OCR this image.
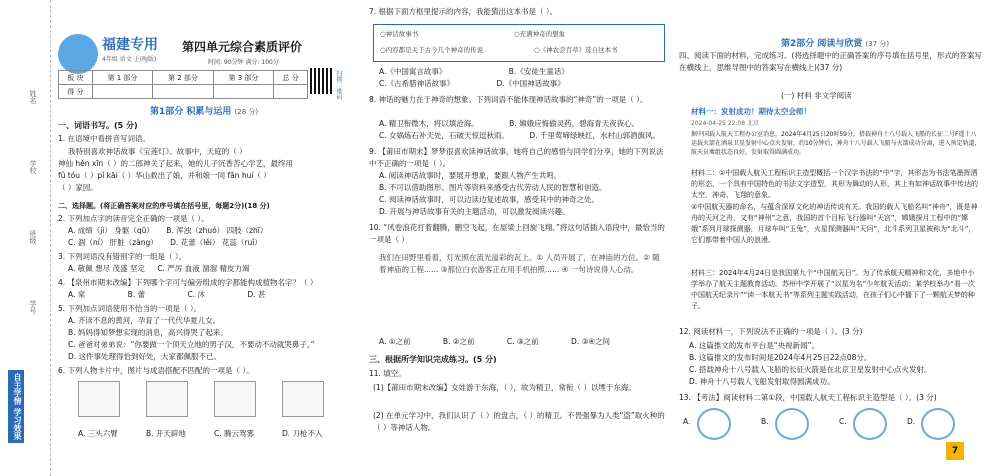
姓名
学校
班级
学号
自主学情 学习效果
福建专用
4年级 语文 上(RJ版)
第四单元综合素质评价
时间: 90分钟 满分: 100分
板 块	第 1 部分	第 2 部分	第 3 部分	总 分
得 分					扫描二维码
第1部分 积累与运用 (28 分)
一、词语书写。(5 分)
1. 在语境中看拼音写词语。
我特别喜欢神话故事《宝莲灯》。故事中，天庭的（ ）
神仙 hěn xīn（ ）的二郎神关了起来，她的儿子沉香苦心学艺，最终用
fǔ tóu（ ）pǐ kāi（ ）华山救出了娘，并和娘一同 fān huí（ ）
（ ）家园。
二、选择题。(将正确答案对应的序号填在括号里，每题2分)(18 分)
2. 下列加点字的读音完全正确的一项是（ ）。
A. 成绩（jì） 身躯（qū） B. 浑浊（zhuó） 四肢（zhī）
C. 涸（ní） 肝脏（zàng） D. 花蕾（lěi） 花蕊（ruǐ）
3. 下列词语没有错别字的一组是（ ）。
A. 敬佩 想尽 茂盛 坚定 C. 严厉 血液 溜溜 精皮力竭
4. 【泉州市期末改编】下列哪个字可与偏旁组成的字都能构成植物名字？（ ）
A. 棠	B. 蕾	C. 沐	D. 甚
5. 下列加点词语使用不恰当的一项是（ ）。
A. 齐读不息的黄河，孕育了一代代华夏儿女。
B. 妈妈得知梦想实现的消息，高兴得哭了起来。
C. 爸爸对弟弟说：“你要做一个顶天立地的男子汉，不要动不动就哭鼻子。”
D. 这件事处理得恰到好处，大家都佩服不已。
6. 下列人物卡片中，图片与成语搭配不匹配的一项是（ ）。
A. 三头六臂	B. 开天辟地	C. 腾云驾雾	D. 刀枪不入
7. 根据下面方框里提示的内容，我能猜出这本书是（ ）。
○神话故事书	○充满神奇的想象
○内容都是关于古今几个神奇的传说	○《神农尝百草》选自这本书
A.《中国寓言故事》	B.《安徒生童话》
C.《古希腊神话故事》	D.《中国神话故事》
8. 神话的魅力在于神奇的想象。下列词语不能体现神话故事的“神奇”的一项是（ ）。
A. 精卫衔微木，将以填沧海。	B. 嫦娥应悔偷灵药，碧海青天夜夜心。
C. 女娲炼石补天处，石破天惊逗秋雨。	D. 千里莺啼绿映红，水村山郭酒旗风。
9. 【莆田市期末】梦梦很喜欢读神话故事，她将自己的感悟与同学们分享，她的下列说法中不正确的一项是（ ）。
A. 阅读神话故事时，要展开想象，要跟人物产生共鸣。
B. 不可以借助图形。图片等资料来感受古代劳动人民的智慧和创造。
C. 阅读神话故事时，可以边读边复述故事，感受其中的神奇之处。
D. 开展与神话故事有关的主题活动，可以激发阅读兴趣。
10. “风卷浪花打着翻腾，鹏空飞起，在屋梁上回旋飞翔。”将这句话插入语段中，最恰当的一项是（ ）
我们在田野里看着，灯光照在流光溢彩的瓦上。① 人员开展了，在神庙的方位。② 随着神庙的工程...... ③那位白衣游客正在用手机拍照...... ④ 一句诗说得人心动。
A. ①之前	B. ②之前	C. ③之前	D. ③④之间
三、根据所学知识完成练习。(5 分)
11. 填空。
(1)【莆田市期末改编】女娃游于东海，（ ），故为精卫，常衔（ ）以堙于东海。
(2) 在单元学习中，我们认识了（ ）的盘古，（ ）的精卫。不畏强暴为人类“盗”取火种的（ ）等神话人物。
第2部分 阅读与欣赏 (37 分)
四、阅读下面的材料，完成练习。(将选择题中的正确答案的序号填在括号里，形式的答案写在横线上，思维导图中的答案写在横线上)(37 分)
(一) 材料 非文学阅读
材料一：发射成功！期待太空会师！
2024-04-25 22:08 北京
据中国载人航天工程办公室消息，2024年4月25日20时59分，搭载神舟十八号载人飞船的长征二号F遥十八运载火箭在酒泉卫星发射中心点火发射，约10分钟后，神舟十八号载人飞船与火箭成功分离，进入预定轨道，航天员乘组状态良好，发射取得圆满成功。
材料二：①中国载人航天工程标识主造型概括一个汉字书法的“中”字，其形态为书法笔墨挥洒的形态，一个具有中国特色的书法文字造型，其形为舞动的人形，其上有如神话故事中传达的太空、神奇、飞翔的意象。
②中国航天器的命名，与蕴含深厚文化的神话传说有关。我国的载人飞船名叫“神舟”，既是神舟的天河之舟，又有“神州”之意，我国的首个目标飞行器叫“天宫”，嫦娥探月工程中的“嫦娥”系列月球探测器，月球车叫“玉兔”，火星探测器叫“天问”，北斗系列卫星被称为“北斗”，它们都带着中国人的浪漫。
材料三：2024年4月24日是我国第九个“中国航天日”。为了传承航天精神和文化，多地中小学举办了航天主题教育活动。苏州中学开展了“以星为名”少年航天活动；某学校举办“看一次中国航天纪录片”“读一本航天书”等系列主题实践活动，在孩子们心中播下了一颗航天梦的种子。
12. 阅读材料一，下列说法不正确的一项是（ ）。(3 分)
A. 这篇推文的发布平台是“央视新闻”。
B. 这篇推文的发布时间是2024年4月25日22点08分。
C. 搭载神舟十八号载人飞船的长征火箭是在北京卫星发射中心点火发射。
D. 神舟十八号载人飞船发射取得圆满成功。
13. 【考法】阅读材料二第①段，中国载人航天工程标识主造型是（ ）。(3 分)
A.	B.	C.	D.
7
